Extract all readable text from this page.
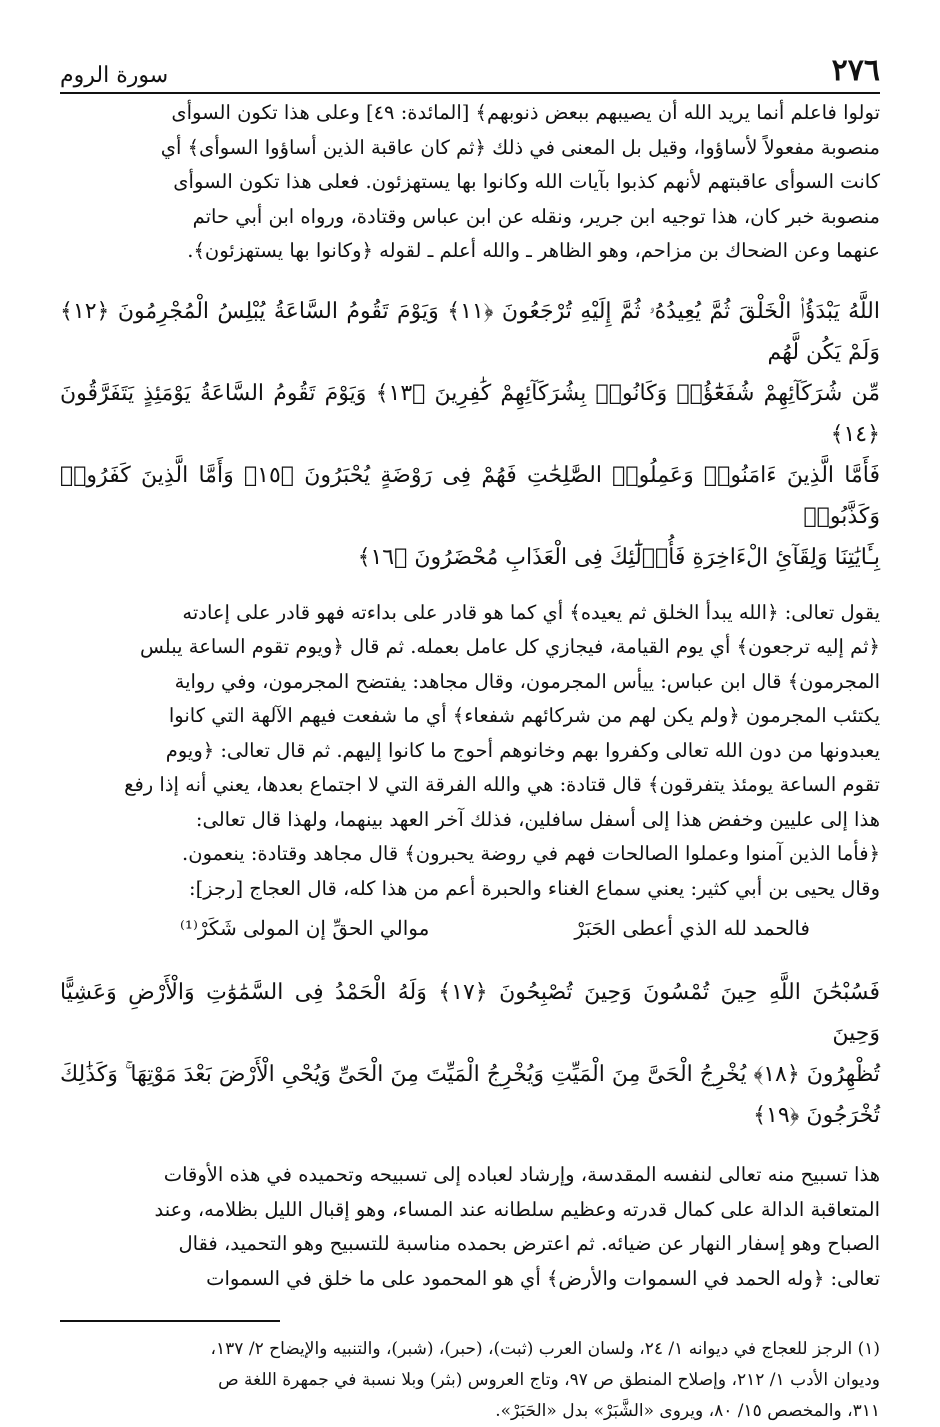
٢٧٦
سورة الروم

تولوا فاعلم أنما يريد الله أن يصيبهم ببعض ذنوبهم﴾ [المائدة: ٤٩] وعلى هذا تكون السوأى
منصوبة مفعولاً لأساؤوا، وقيل بل المعنى في ذلك ﴿ثم كان عاقبة الذين أساؤوا السوأى﴾ أي
كانت السوأى عاقبتهم لأنهم كذبوا بآيات الله وكانوا بها يستهزئون. فعلى هذا تكون السوأى
منصوبة خبر كان، هذا توجيه ابن جرير، ونقله عن ابن عباس وقتادة، ورواه ابن أبي حاتم
عنهما وعن الضحاك بن مزاحم، وهو الظاهر ـ والله أعلم ـ لقوله ﴿وكانوا بها يستهزئون﴾.

اللَّهُ يَبْدَؤُا۟ الْخَلْقَ ثُمَّ يُعِيدُهُۥ ثُمَّ إِلَيْهِ تُرْجَعُونَ ﴿١١﴾ وَيَوْمَ تَقُومُ السَّاعَةُ يُبْلِسُ الْمُجْرِمُونَ ﴿١٢﴾ وَلَمْ يَكُن لَّهُم
مِّن شُرَكَآئِهِمْ شُفَعَٰٓؤُا۟ وَكَانُوا۟ بِشُرَكَآئِهِمْ كَٰفِرِينَ ﴿١٣﴾ وَيَوْمَ تَقُومُ السَّاعَةُ يَوْمَئِذٍ يَتَفَرَّقُونَ ﴿١٤﴾
فَأَمَّا الَّذِينَ ءَامَنُوا۟ وَعَمِلُوا۟ الصَّٰلِحَٰتِ فَهُمْ فِى رَوْضَةٍ يُحْبَرُونَ ﴿١٥﴾ وَأَمَّا الَّذِينَ كَفَرُوا۟ وَكَذَّبُوا۟
بِـَٔايَٰتِنَا وَلِقَآئِ الْءَاخِرَةِ فَأُو۟لَٰٓئِكَ فِى الْعَذَابِ مُحْضَرُونَ ﴿١٦﴾

يقول تعالى: ﴿الله يبدأ الخلق ثم يعيده﴾ أي كما هو قادر على بداءته فهو قادر على إعادته
﴿ثم إليه ترجعون﴾ أي يوم القيامة، فيجازي كل عامل بعمله. ثم قال ﴿ويوم تقوم الساعة يبلس
المجرمون﴾ قال ابن عباس: ييأس المجرمون، وقال مجاهد: يفتضح المجرمون، وفي رواية
يكتئب المجرمون ﴿ولم يكن لهم من شركائهم شفعاء﴾ أي ما شفعت فيهم الآلهة التي كانوا
يعبدونها من دون الله تعالى وكفروا بهم وخانوهم أحوج ما كانوا إليهم. ثم قال تعالى: ﴿ويوم
تقوم الساعة يومئذ يتفرقون﴾ قال قتادة: هي والله الفرقة التي لا اجتماع بعدها، يعني أنه إذا رفع
هذا إلى عليين وخفض هذا إلى أسفل سافلين، فذلك آخر العهد بينهما، ولهذا قال تعالى:
﴿فأما الذين آمنوا وعملوا الصالحات فهم في روضة يحبرون﴾ قال مجاهد وقتادة: ينعمون.
وقال يحيى بن أبي كثير: يعني سماع الغناء والحبرة أعم من هذا كله، قال العجاج [رجز]:

فالحمد لله الذي أعطى الحَبَرْ
موالي الحقِّ إن المولى شَكَرْ⁽¹⁾

فَسُبْحَٰنَ اللَّهِ حِينَ تُمْسُونَ وَحِينَ تُصْبِحُونَ ﴿١٧﴾ وَلَهُ الْحَمْدُ فِى السَّمَٰوَٰتِ وَالْأَرْضِ وَعَشِيًّا وَحِينَ
تُظْهِرُونَ ﴿١٨﴾ يُخْرِجُ الْحَىَّ مِنَ الْمَيِّتِ وَيُخْرِجُ الْمَيِّتَ مِنَ الْحَىِّ وَيُحْىِ الْأَرْضَ بَعْدَ مَوْتِهَا ۚ وَكَذَٰلِكَ تُخْرَجُونَ ﴿١٩﴾

هذا تسبيح منه تعالى لنفسه المقدسة، وإرشاد لعباده إلى تسبيحه وتحميده في هذه الأوقات
المتعاقبة الدالة على كمال قدرته وعظيم سلطانه عند المساء، وهو إقبال الليل بظلامه، وعند
الصباح وهو إسفار النهار عن ضيائه. ثم اعترض بحمده مناسبة للتسبيح وهو التحميد، فقال
تعالى: ﴿وله الحمد في السموات والأرض﴾ أي هو المحمود على ما خلق في السموات

(١) الرجز للعجاج في ديوانه ١/ ٢٤، ولسان العرب (ثبت)، (حبر)، (شبر)، والتنبيه والإيضاح ٢/ ١٣٧،
وديوان الأدب ١/ ٢١٢، وإصلاح المنطق ص ٩٧، وتاج العروس (بثر) وبلا نسبة في جمهرة اللغة ص
٣١١، والمخصص ١٥/ ٨٠، ويروى «الشَّبَرْ» بدل «الحَبَرْ».
